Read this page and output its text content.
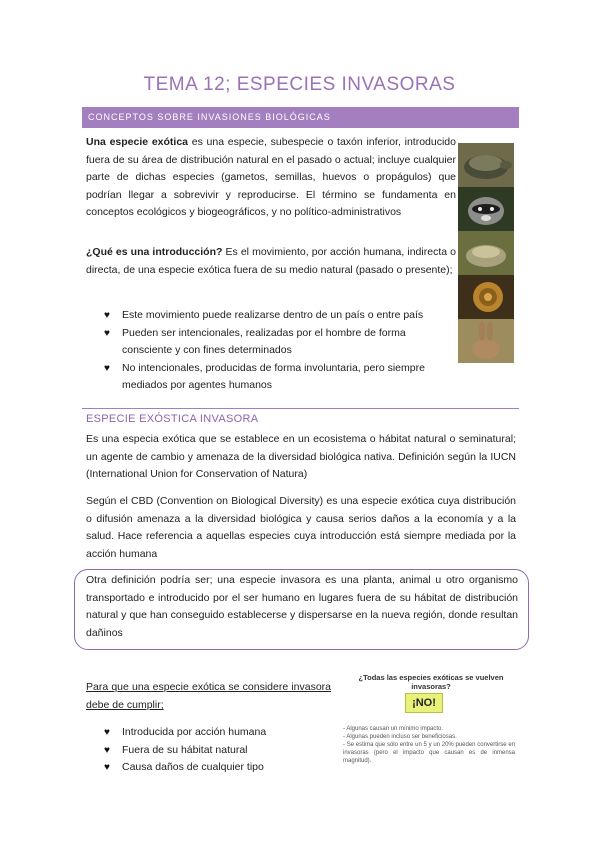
TEMA 12; ESPECIES INVASORAS
CONCEPTOS SOBRE INVASIONES BIOLÓGICAS
Una especie exótica es una especie, subespecie o taxón inferior, introducido fuera de su área de distribución natural en el pasado o actual; incluye cualquier parte de dichas especies (gametos, semillas, huevos o propágulos) que podrían llegar a sobrevivir y reproducirse. El término se fundamenta en conceptos ecológicos y biogeográficos, y no político-administrativos
¿Qué es una introducción? Es el movimiento, por acción humana, indirecta o directa, de una especie exótica fuera de su medio natural (pasado o presente);
♥ Este movimiento puede realizarse dentro de un país o entre país
♥ Pueden ser intencionales, realizadas por el hombre de forma consciente y con fines determinados
♥ No intencionales, producidas de forma involuntaria, pero siempre mediados por agentes humanos
ESPECIE EXÓSTICA INVASORA

Es una especia exótica que se establece en un ecosistema o hábitat natural o seminatural; un agente de cambio y amenaza de la diversidad biológica nativa. Definición según la IUCN (International Union for Conservation of Natura)

Según el CBD (Convention on Biological Diversity) es una especie exótica cuya distribución o difusión amenaza a la diversidad biológica y causa serios daños a la economía y a la salud. Hace referencia a aquellas especies cuya introducción está siempre mediada por la acción humana

Otra definición podría ser; una especie invasora es una planta, animal u otro organismo transportado e introducido por el ser humano en lugares fuera de su hábitat de distribución natural y que han conseguido establecerse y dispersarse en la nueva región, donde resultan dañinos

Para que una especie exótica se considere invasora debe de cumplir;

♥ Introducida por acción humana
♥ Fuera de su hábitat natural
♥ Causa daños de cualquier tipo
¿Todas las especies exóticas se vuelven invasoras?
¡NO!
- Algunas causan un mínimo impacto.
- Algunas pueden incluso ser beneficiosas.
- Se estima que sólo entre un 5 y un 20% pueden convertirse en invasoras (pero el impacto que causan es de inmensa magnitud).
